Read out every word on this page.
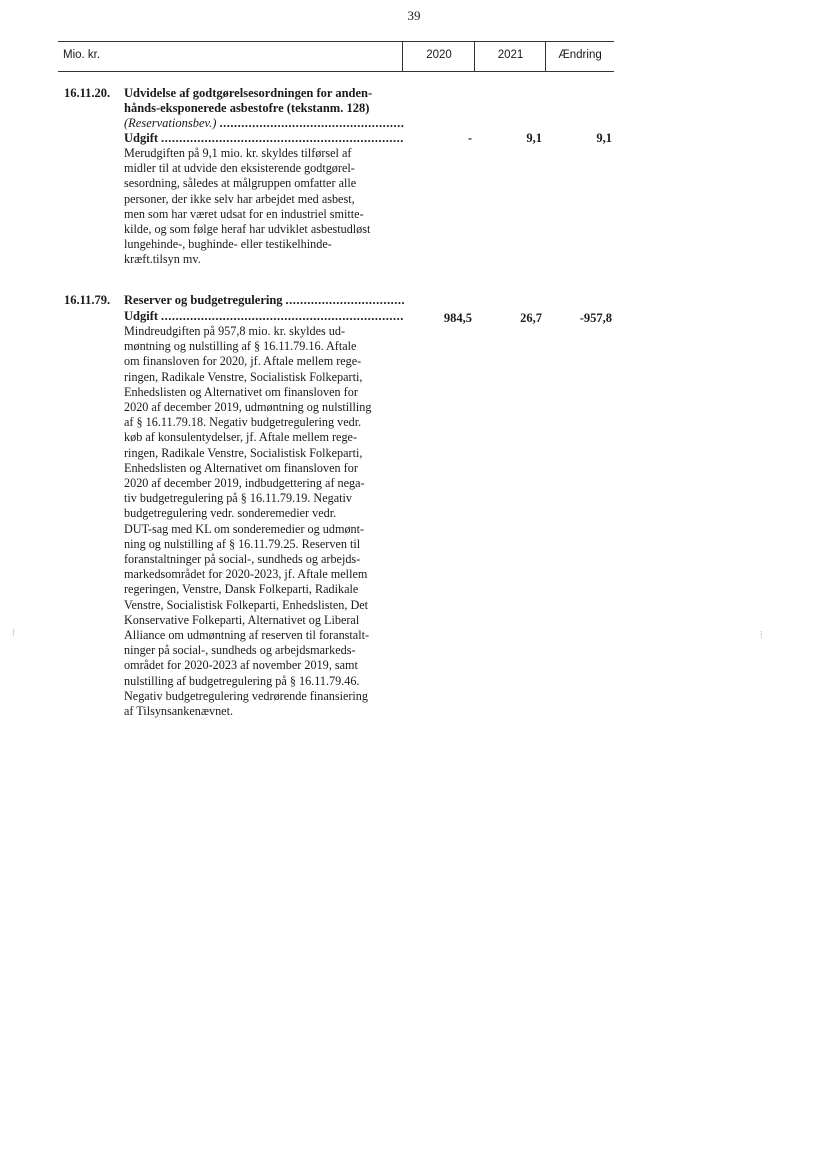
39
Mio. kr.	2020	2021	Ændring
16.11.20. Udvidelse af godtgørelsesordningen for anden-
hånds-eksponerede asbestofre (tekstanm. 128)
(Reservationsbev.)
.....
Udgift .....	-	9,1	9,1
Merudgiften på 9,1 mio. kr. skyldes tilførsel af
midler til at udvide den eksisterende godtgørel-
sesordning, således at målgruppen omfatter alle
personer, der ikke selv har arbejdet med asbest,
men som har været udsat for en industriel smitte-
kilde, og som følge heraf har udviklet asbestudløst
lungehinde-, bughinde- eller testikelhinde-
kræft.tilsyn mv.
16.11.79. Reserver og budgetregulering
.....
Udgift .....	984,5	26,7	-957,8
Mindreudgiften på 957,8 mio. kr. skyldes ud-
møntning og nulstilling af § 16.11.79.16. Aftale
om finansloven for 2020, jf. Aftale mellem rege-
ringen, Radikale Venstre, Socialistisk Folkeparti,
Enhedslisten og Alternativet om finansloven for
2020 af december 2019, udmøntning og nulstilling
af § 16.11.79.18. Negativ budgetregulering vedr.
køb af konsulentydelser, jf. Aftale mellem rege-
ringen, Radikale Venstre, Socialistisk Folkeparti,
Enhedslisten og Alternativet om finansloven for
2020 af december 2019, indbudgettering af nega-
tiv budgetregulering på § 16.11.79.19. Negativ
budgetregulering vedr. sonderemedier vedr.
DUT-sag med KL om sonderemedier og udmønt-
ning og nulstilling af § 16.11.79.25. Reserven til
foranstaltninger på social-, sundheds og arbejds-
markedsområdet for 2020-2023, jf. Aftale mellem
regeringen, Venstre, Dansk Folkeparti, Radikale
Venstre, Socialistisk Folkeparti, Enhedslisten, Det
Konservative Folkeparti, Alternativet og Liberal
Alliance om udmøntning af reserven til foranstalt-
ninger på social-, sundheds og arbejdsmarkeds-
området for 2020-2023 af november 2019, samt
nulstilling af budgetregulering på § 16.11.79.46.
Negativ budgetregulering vedrørende finansiering
af Tilsynsankenævnet.
⁞	⁞
